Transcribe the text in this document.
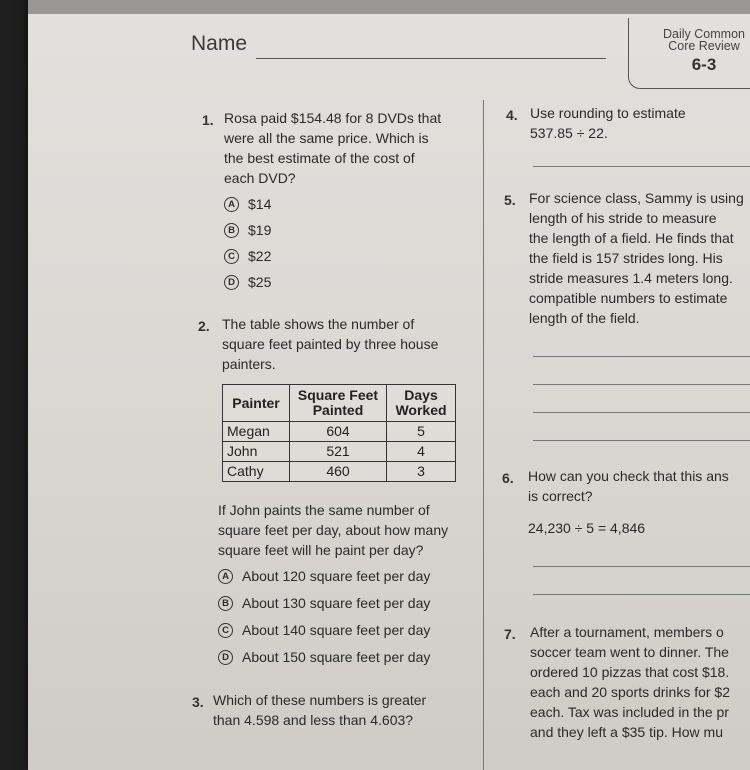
Name	Daily Common
Core Review
6-3
1. Rosa paid $154.48 for 8 DVDs that
were all the same price. Which is
the best estimate of the cost of
each DVD?
A $14
B $19
C $22
D $25
2. The table shows the number of
square feet painted by three house
painters.
Painter	Square Feet Painted	Days Worked
Megan	604	5
John	521	4
Cathy	460	3
If John paints the same number of
square feet per day, about how many
square feet will he paint per day?
A About 120 square feet per day
B About 130 square feet per day
C About 140 square feet per day
D About 150 square feet per day
3. Which of these numbers is greater
than 4.598 and less than 4.603?
4. Use rounding to estimate
537.85 ÷ 22.
5. For science class, Sammy is using
length of his stride to measure
the length of a field. He finds that
the field is 157 strides long. His
stride measures 1.4 meters long.
compatible numbers to estimate
length of the field.
6. How can you check that this ans
is correct?
24,230 ÷ 5 = 4,846
7. After a tournament, members o
soccer team went to dinner. The
ordered 10 pizzas that cost $18.
each and 20 sports drinks for $2
each. Tax was included in the pr
and they left a $35 tip. How mu
